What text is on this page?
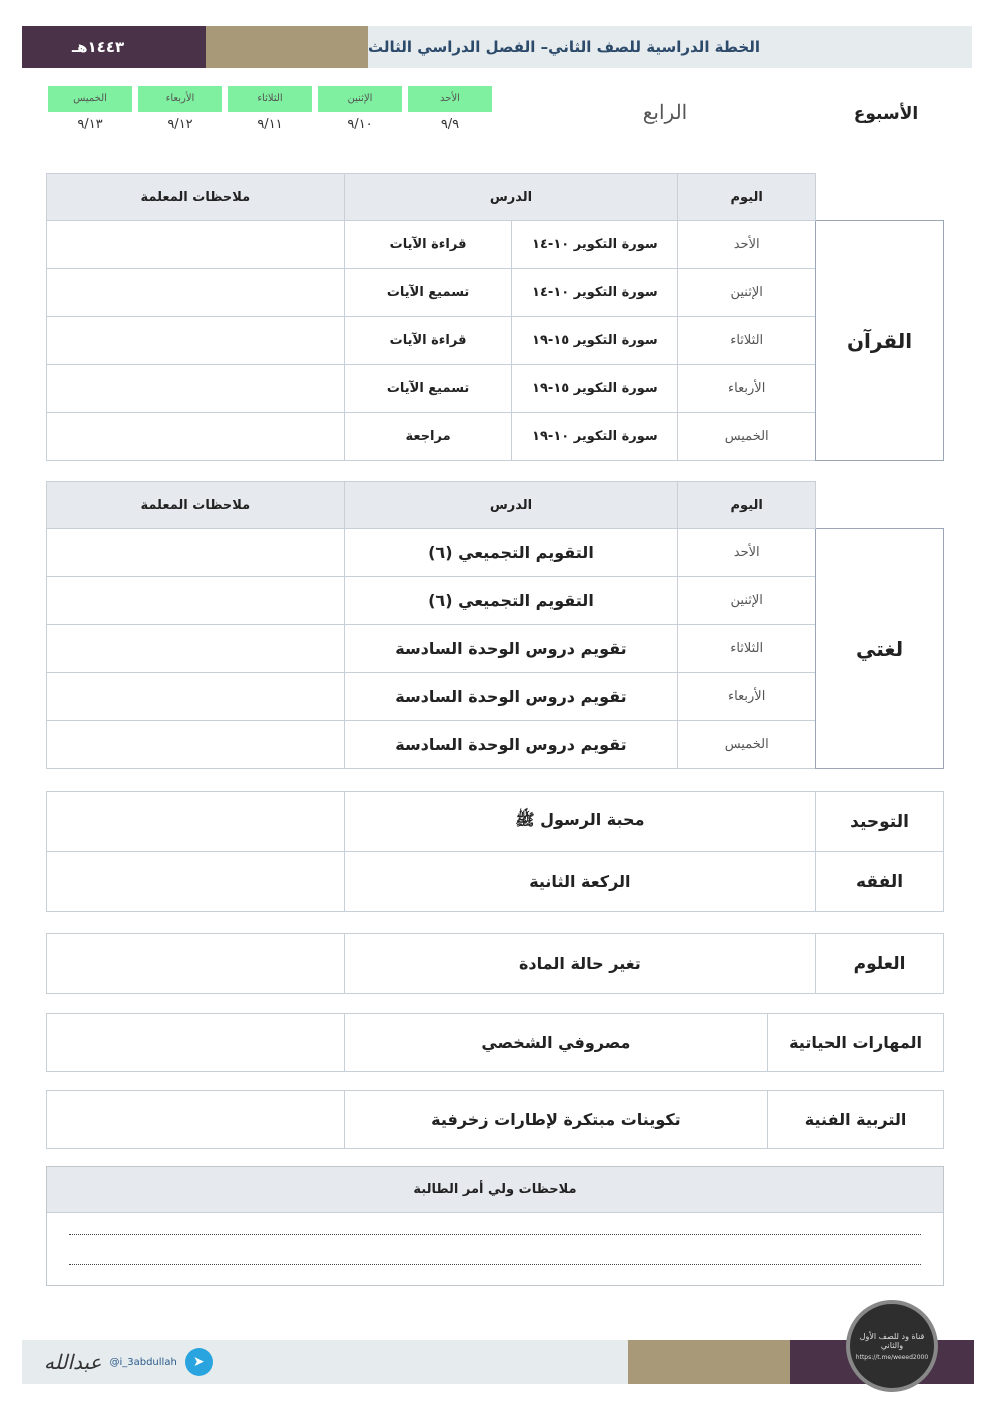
١٤٤٣هـ	الخطة الدراسية للصف الثاني– الفصل الدراسي الثالث
الأسبوع
الرابع
الأحد
٩/٩
الإثنين
٩/١٠
الثلاثاء
٩/١١
الأربعاء
٩/١٢
الخميس
٩/١٣
	اليوم	الدرس		ملاحظات المعلمة
القرآن	الأحد	سورة التكوير ١٠-١٤	قراءة الآيات	
	الإثنين	سورة التكوير ١٠-١٤	تسميع الآيات	
	الثلاثاء	سورة التكوير ١٥-١٩	قراءة الآيات	
	الأربعاء	سورة التكوير ١٥-١٩	تسميع الآيات	
	الخميس	سورة التكوير ١٠-١٩	مراجعة	
	اليوم	الدرس	ملاحظات المعلمة
لغتي	الأحد	التقويم التجميعي (٦)	
	الإثنين	التقويم التجميعي (٦)	
	الثلاثاء	تقويم دروس الوحدة السادسة	
	الأربعاء	تقويم دروس الوحدة السادسة	
	الخميس	تقويم دروس الوحدة السادسة	
التوحيد	محبة الرسول ﷺ	
الفقه	الركعة الثانية	
العلوم	تغير حالة المادة	
المهارات الحياتية	مصروفي الشخصي	
التربية الفنية	تكوينات مبتكرة لإطارات زخرفية	
ملاحظات ولي أمر الطالبة
عبدالله @i_3abdullah	➤
قناة ود للصف الأول والثاني
https://t.me/weeed2000
